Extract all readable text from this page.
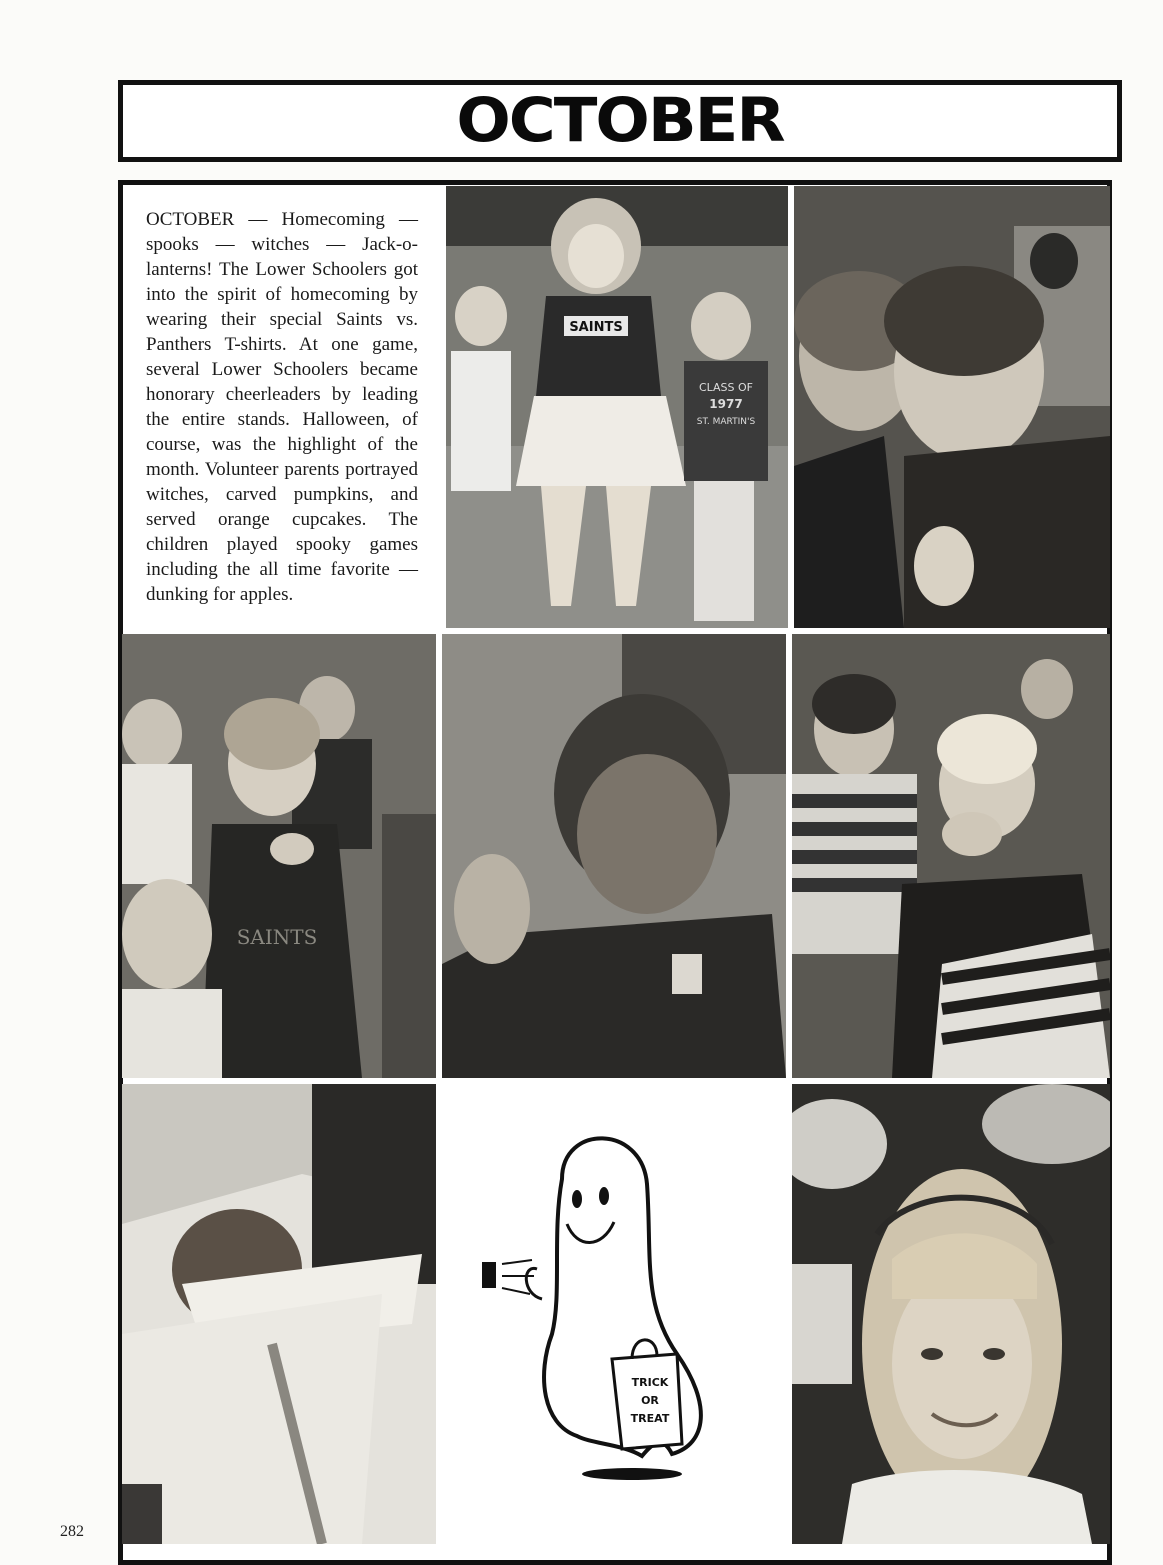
OCTOBER
OCTOBER — Homecoming — spooks — witches — Jack-o-lanterns! The Lower Schoolers got into the spirit of homecoming by wearing their special Saints vs. Panthers T-shirts. At one game, several Lower Schoolers became honorary cheerleaders by leading the entire stands. Halloween, of course, was the highlight of the month. Volunteer parents portrayed witches, carved pumpkins, and served orange cupcakes. The children played spooky games including the all time favorite — dunking for apples.
SAINTS
CLASS OF
1977
ST. MARTIN'S
SAINTS
TRICK
OR
TREAT
282
